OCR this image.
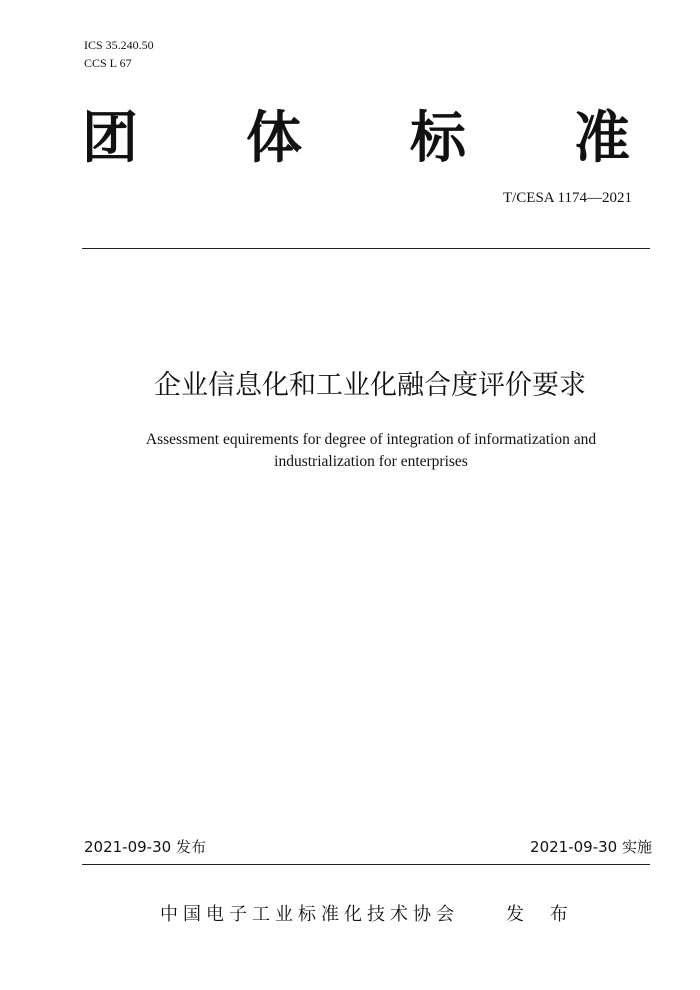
ICS 35.240.50
CCS L 67
团 体 标 准
T/CESA 1174—2021
企业信息化和工业化融合度评价要求
Assessment equirements for degree of integration of informatization and
industrialization for enterprises
2021-09-30 发布	2021-09-30 实施
中国电子工业标准化技术协会	发 布
